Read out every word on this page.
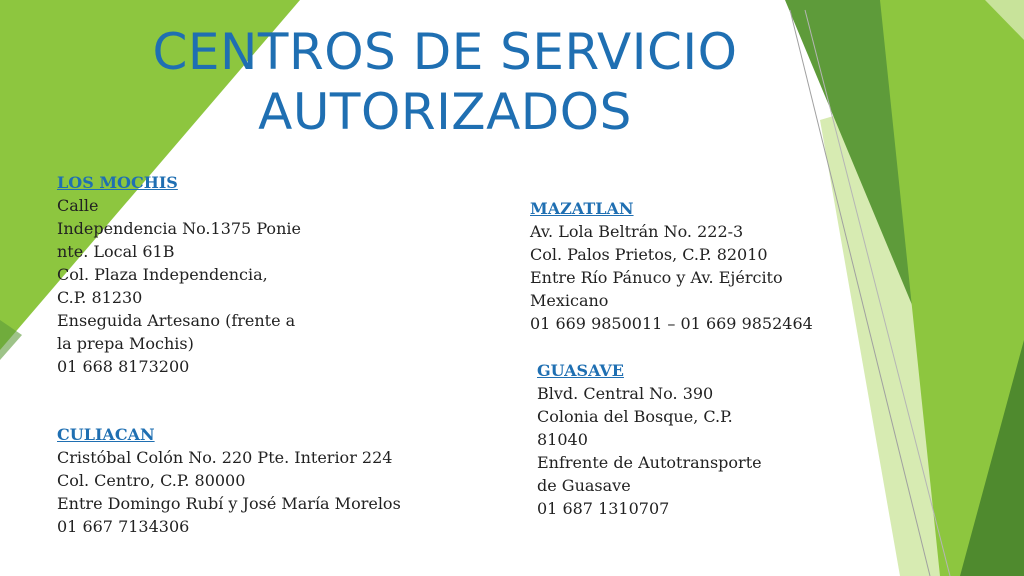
CENTROS DE SERVICIO
AUTORIZADOS
LOS MOCHIS
Calle
Independencia No.1375 Ponie
nte. Local 61B
Col. Plaza Independencia,
C.P. 81230
Enseguida Artesano (frente a
la prepa Mochis)
01 668 8173200
CULIACAN
Cristóbal Colón No. 220 Pte. Interior 224
Col. Centro, C.P. 80000
Entre Domingo Rubí y José María Morelos
01 667 7134306
MAZATLAN
Av. Lola Beltrán No. 222-3
Col. Palos Prietos, C.P. 82010
Entre Río Pánuco y Av. Ejército
Mexicano
01 669 9850011 – 01 669 9852464
GUASAVE
Blvd. Central No. 390
Colonia del Bosque, C.P.
81040
Enfrente de Autotransporte
de Guasave
01 687 1310707
